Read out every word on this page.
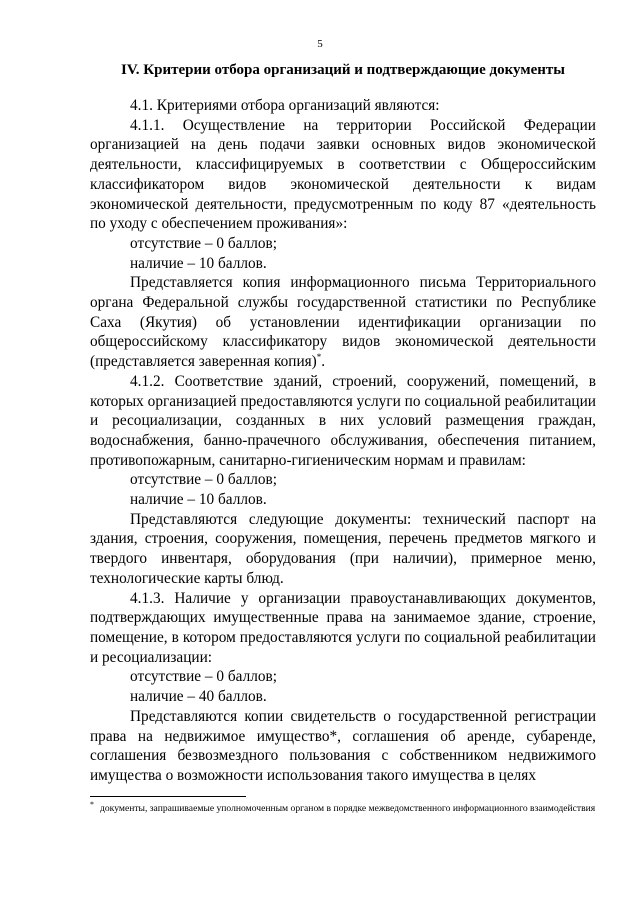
5
IV. Критерии отбора организаций и подтверждающие документы

4.1. Критериями отбора организаций являются:

4.1.1. Осуществление на территории Российской Федерации организацией на день подачи заявки основных видов экономической деятельности, классифицируемых в соответствии с Общероссийским классификатором видов экономической деятельности к видам экономической деятельности, предусмотренным по коду 87 «деятельность по уходу с обеспечением проживания»:

отсутствие – 0 баллов;

наличие – 10 баллов.

Представляется копия информационного письма Территориального органа Федеральной службы государственной статистики по Республике Саха (Якутия) об установлении идентификации организации по общероссийскому классификатору видов экономической деятельности (представляется заверенная копия)*.

4.1.2. Соответствие зданий, строений, сооружений, помещений, в которых организацией предоставляются услуги по социальной реабилитации и ресоциализации, созданных в них условий размещения граждан, водоснабжения, банно-прачечного обслуживания, обеспечения питанием, противопожарным, санитарно-гигиеническим нормам и правилам:

отсутствие – 0 баллов;

наличие – 10 баллов.

Представляются следующие документы: технический паспорт на здания, строения, сооружения, помещения, перечень предметов мягкого и твердого инвентаря, оборудования (при наличии), примерное меню, технологические карты блюд.

4.1.3. Наличие у организации правоустанавливающих документов, подтверждающих имущественные права на занимаемое здание, строение, помещение, в котором предоставляются услуги по социальной реабилитации и ресоциализации:

отсутствие – 0 баллов;

наличие – 40 баллов.

Представляются копии свидетельств о государственной регистрации права на недвижимое имущество*, соглашения об аренде, субаренде, соглашения безвозмездного пользования с собственником недвижимого имущества о возможности использования такого имущества в целях

* документы, запрашиваемые уполномоченным органом в порядке межведомственного информационного взаимодействия
